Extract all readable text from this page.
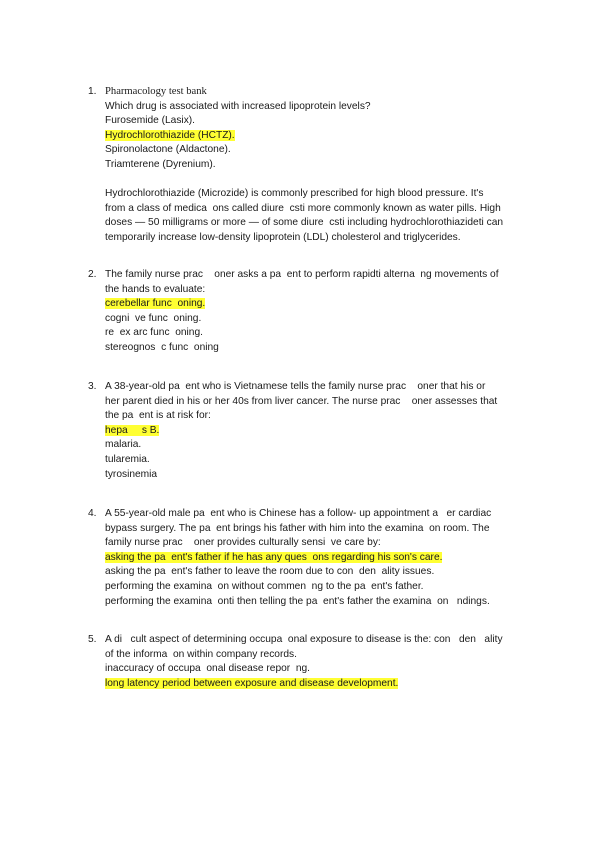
1. Pharmacology test bank
Which drug is associated with increased lipoprotein levels?
Furosemide (Lasix).
Hydrochlorothiazide (HCTZ).
Spironolactone (Aldactone).
Triamterene (Dyrenium).
Hydrochlorothiazide (Microzide) is commonly prescribed for high blood pressure. It's
from a class of medica  ons called diure  csti more commonly known as water pills. High
doses — 50 milligrams or more — of some diure  csti including hydrochlorothiazideti can
temporarily increase low-density lipoprotein (LDL) cholesterol and triglycerides.
2. The family nurse prac    oner asks a pa  ent to perform rapidti alterna  ng movements of
the hands to evaluate:
cerebellar func  oning.
cogni  ve func  oning.
re  ex arc func  oning.
stereognos  c func  oning
3. A 38-year-old pa  ent who is Vietnamese tells the family nurse prac    oner that his or
her parent died in his or her 40s from liver cancer. The nurse prac    oner assesses that
the pa  ent is at risk for:
hepa     s B.
malaria.
tularemia.
tyrosinemia
4. A 55-year-old male pa  ent who is Chinese has a follow- up appointment a   er cardiac
bypass surgery. The pa  ent brings his father with him into the examina  on room. The
family nurse prac    oner provides culturally sensi  ve care by:
asking the pa  ent's father if he has any ques  ons regarding his son's care.
asking the pa  ent's father to leave the room due to con  den  ality issues.
performing the examina  on without commen  ng to the pa  ent's father.
performing the examina  onti then telling the pa  ent's father the examina  on   ndings.
5. A di   cult aspect of determining occupa  onal exposure to disease is the: con   den   ality
of the informa  on within company records.
inaccuracy of occupa  onal disease repor  ng.
long latency period between exposure and disease development.
